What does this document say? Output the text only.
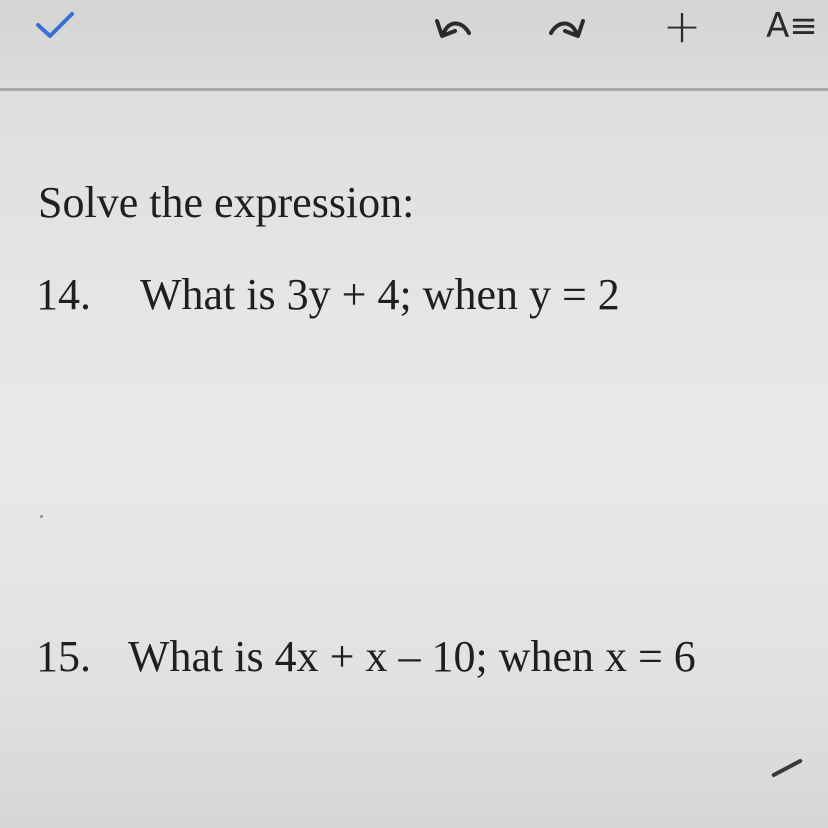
+ A≡

Solve the expression:

14. What is 3y + 4; when y = 2
15. What is 4x + x – 10; when x = 6
